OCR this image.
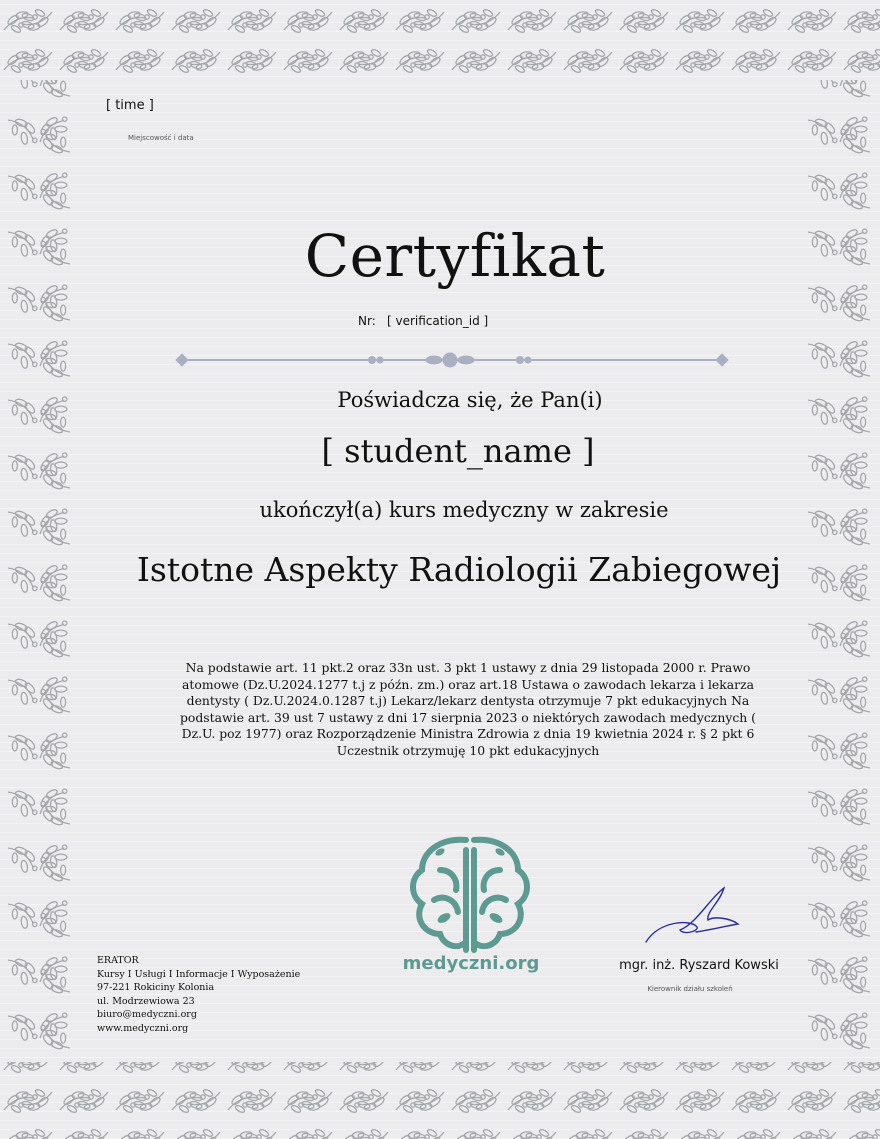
[ time ]
Miejscowość i data
Certyfikat
Nr: [ verification_id ]
Poświadcza się, że Pan(i)
[ student_name ]
ukończył(a) kurs medyczny w zakresie
Istotne Aspekty Radiologii Zabiegowej
Na podstawie art. 11 pkt.2 oraz 33n ust. 3 pkt 1 ustawy z dnia 29 listopada 2000 r. Prawo
atomowe (Dz.U.2024.1277 t.j z późn. zm.) oraz art.18 Ustawa o zawodach lekarza i lekarza
dentysty ( Dz.U.2024.0.1287 t.j) Lekarz/lekarz dentysta otrzymuje 7 pkt edukacyjnych Na
podstawie art. 39 ust 7 ustawy z dni 17 sierpnia 2023 o niektórych zawodach medycznych (
Dz.U. poz 1977) oraz Rozporządzenie Ministra Zdrowia z dnia 19 kwietnia 2024 r. § 2 pkt 6
Uczestnik otrzymuję 10 pkt edukacyjnych
medyczni.org
ERATOR
Kursy I Usługi I Informacje I Wyposażenie
97-221 Rokiciny Kolonia
ul. Modrzewiowa 23
biuro@medyczni.org
www.medyczni.org
mgr. inż. Ryszard Kowski
Kierownik działu szkoleń
